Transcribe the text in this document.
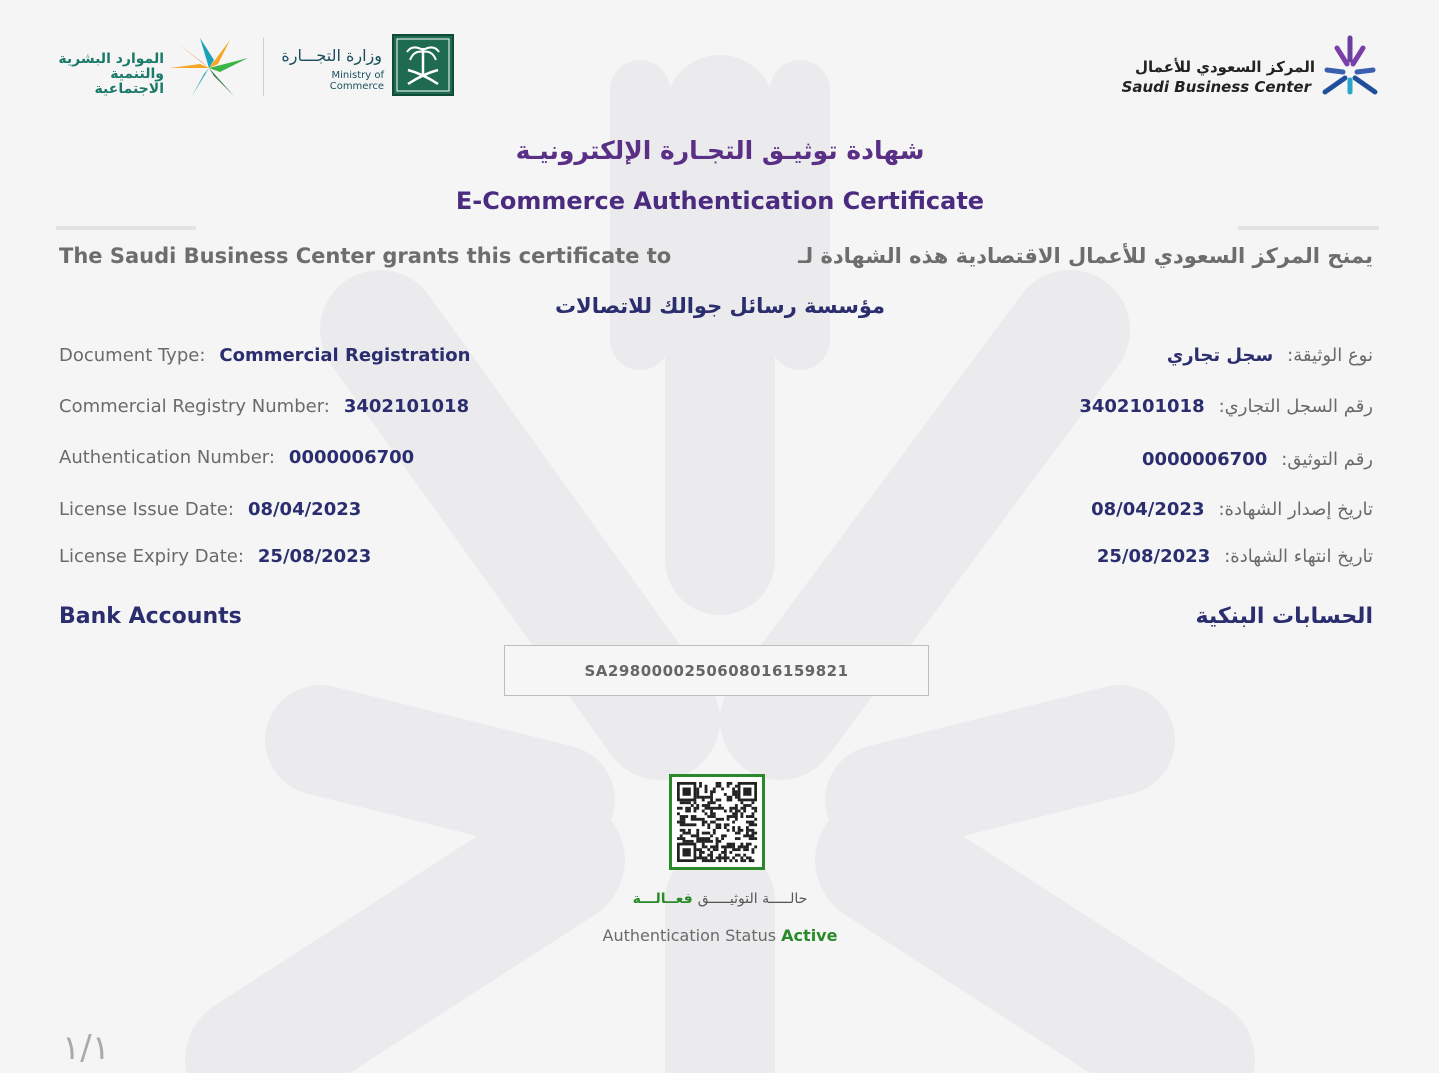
الموارد البشرية
والتنمية الاجتماعية
وزارة التجـــارة
Ministry of Commerce
المركز السعودي للأعمال
Saudi Business Center
شهادة توثيـق التجـارة الإلكترونيـة
E-Commerce Authentication Certificate
The Saudi Business Center grants this certificate to	يمنح المركز السعودي للأعمال الاقتصادية هذه الشهادة لـ
مؤسسة رسائل جوالك للاتصالات
Document Type: Commercial Registration
Commercial Registry Number: 3402101018
Authentication Number: 0000006700
License Issue Date: 08/04/2023
License Expiry Date: 25/08/2023
نوع الوثيقة:
سجل تجاري
رقم السجل التجاري:
3402101018
رقم التوثيق:
0000006700
تاريخ إصدار الشهادة:
08/04/2023
تاريخ انتهاء الشهادة:
25/08/2023
Bank Accounts	الحسابات البنكية
SA2980000250608016159821
حالـــــة التوثيـــــق فعــالـــة
Authentication Status Active
١/١
